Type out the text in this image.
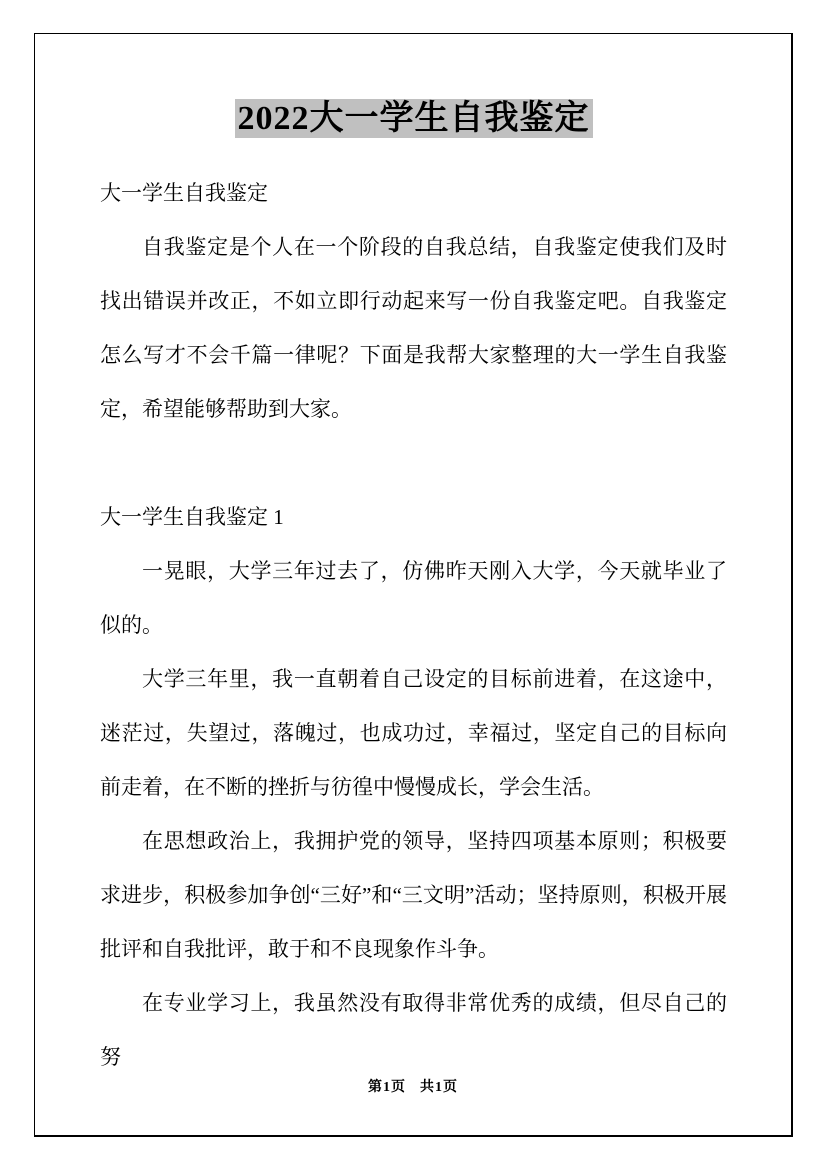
2022大一学生自我鉴定

大一学生自我鉴定

自我鉴定是个人在一个阶段的自我总结，自我鉴定使我们及时找出错误并改正，不如立即行动起来写一份自我鉴定吧。自我鉴定怎么写才不会千篇一律呢？下面是我帮大家整理的大一学生自我鉴定，希望能够帮助到大家。

大一学生自我鉴定 1

一晃眼，大学三年过去了，仿佛昨天刚入大学，今天就毕业了似的。

大学三年里，我一直朝着自己设定的目标前进着，在这途中，迷茫过，失望过，落魄过，也成功过，幸福过，坚定自己的目标向前走着，在不断的挫折与彷徨中慢慢成长，学会生活。

在思想政治上，我拥护党的领导，坚持四项基本原则；积极要求进步，积极参加争创“三好”和“三文明”活动；坚持原则，积极开展批评和自我批评，敢于和不良现象作斗争。

在专业学习上，我虽然没有取得非常优秀的成绩，但尽自己的努

第1页 共1页
